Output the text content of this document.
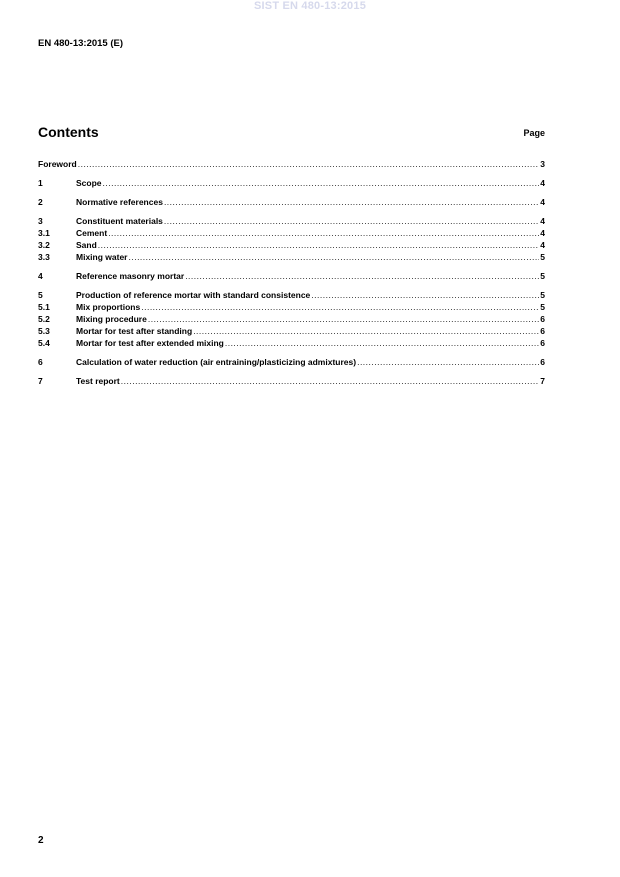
SIST EN 480-13:2015
EN 480-13:2015 (E)
Contents	Page
Foreword .....	3
1	Scope .....	4
2	Normative references .....	4
3	Constituent materials .....	4
3.1	Cement .....	4
3.2	Sand .....	4
3.3	Mixing water .....	5
4	Reference masonry mortar .....	5
5	Production of reference mortar with standard consistence .....	5
5.1	Mix proportions .....	5
5.2	Mixing procedure .....	6
5.3	Mortar for test after standing .....	6
5.4	Mortar for test after extended mixing .....	6
6	Calculation of water reduction (air entraining/plasticizing admixtures) .....	6
7	Test report .....	7
2
